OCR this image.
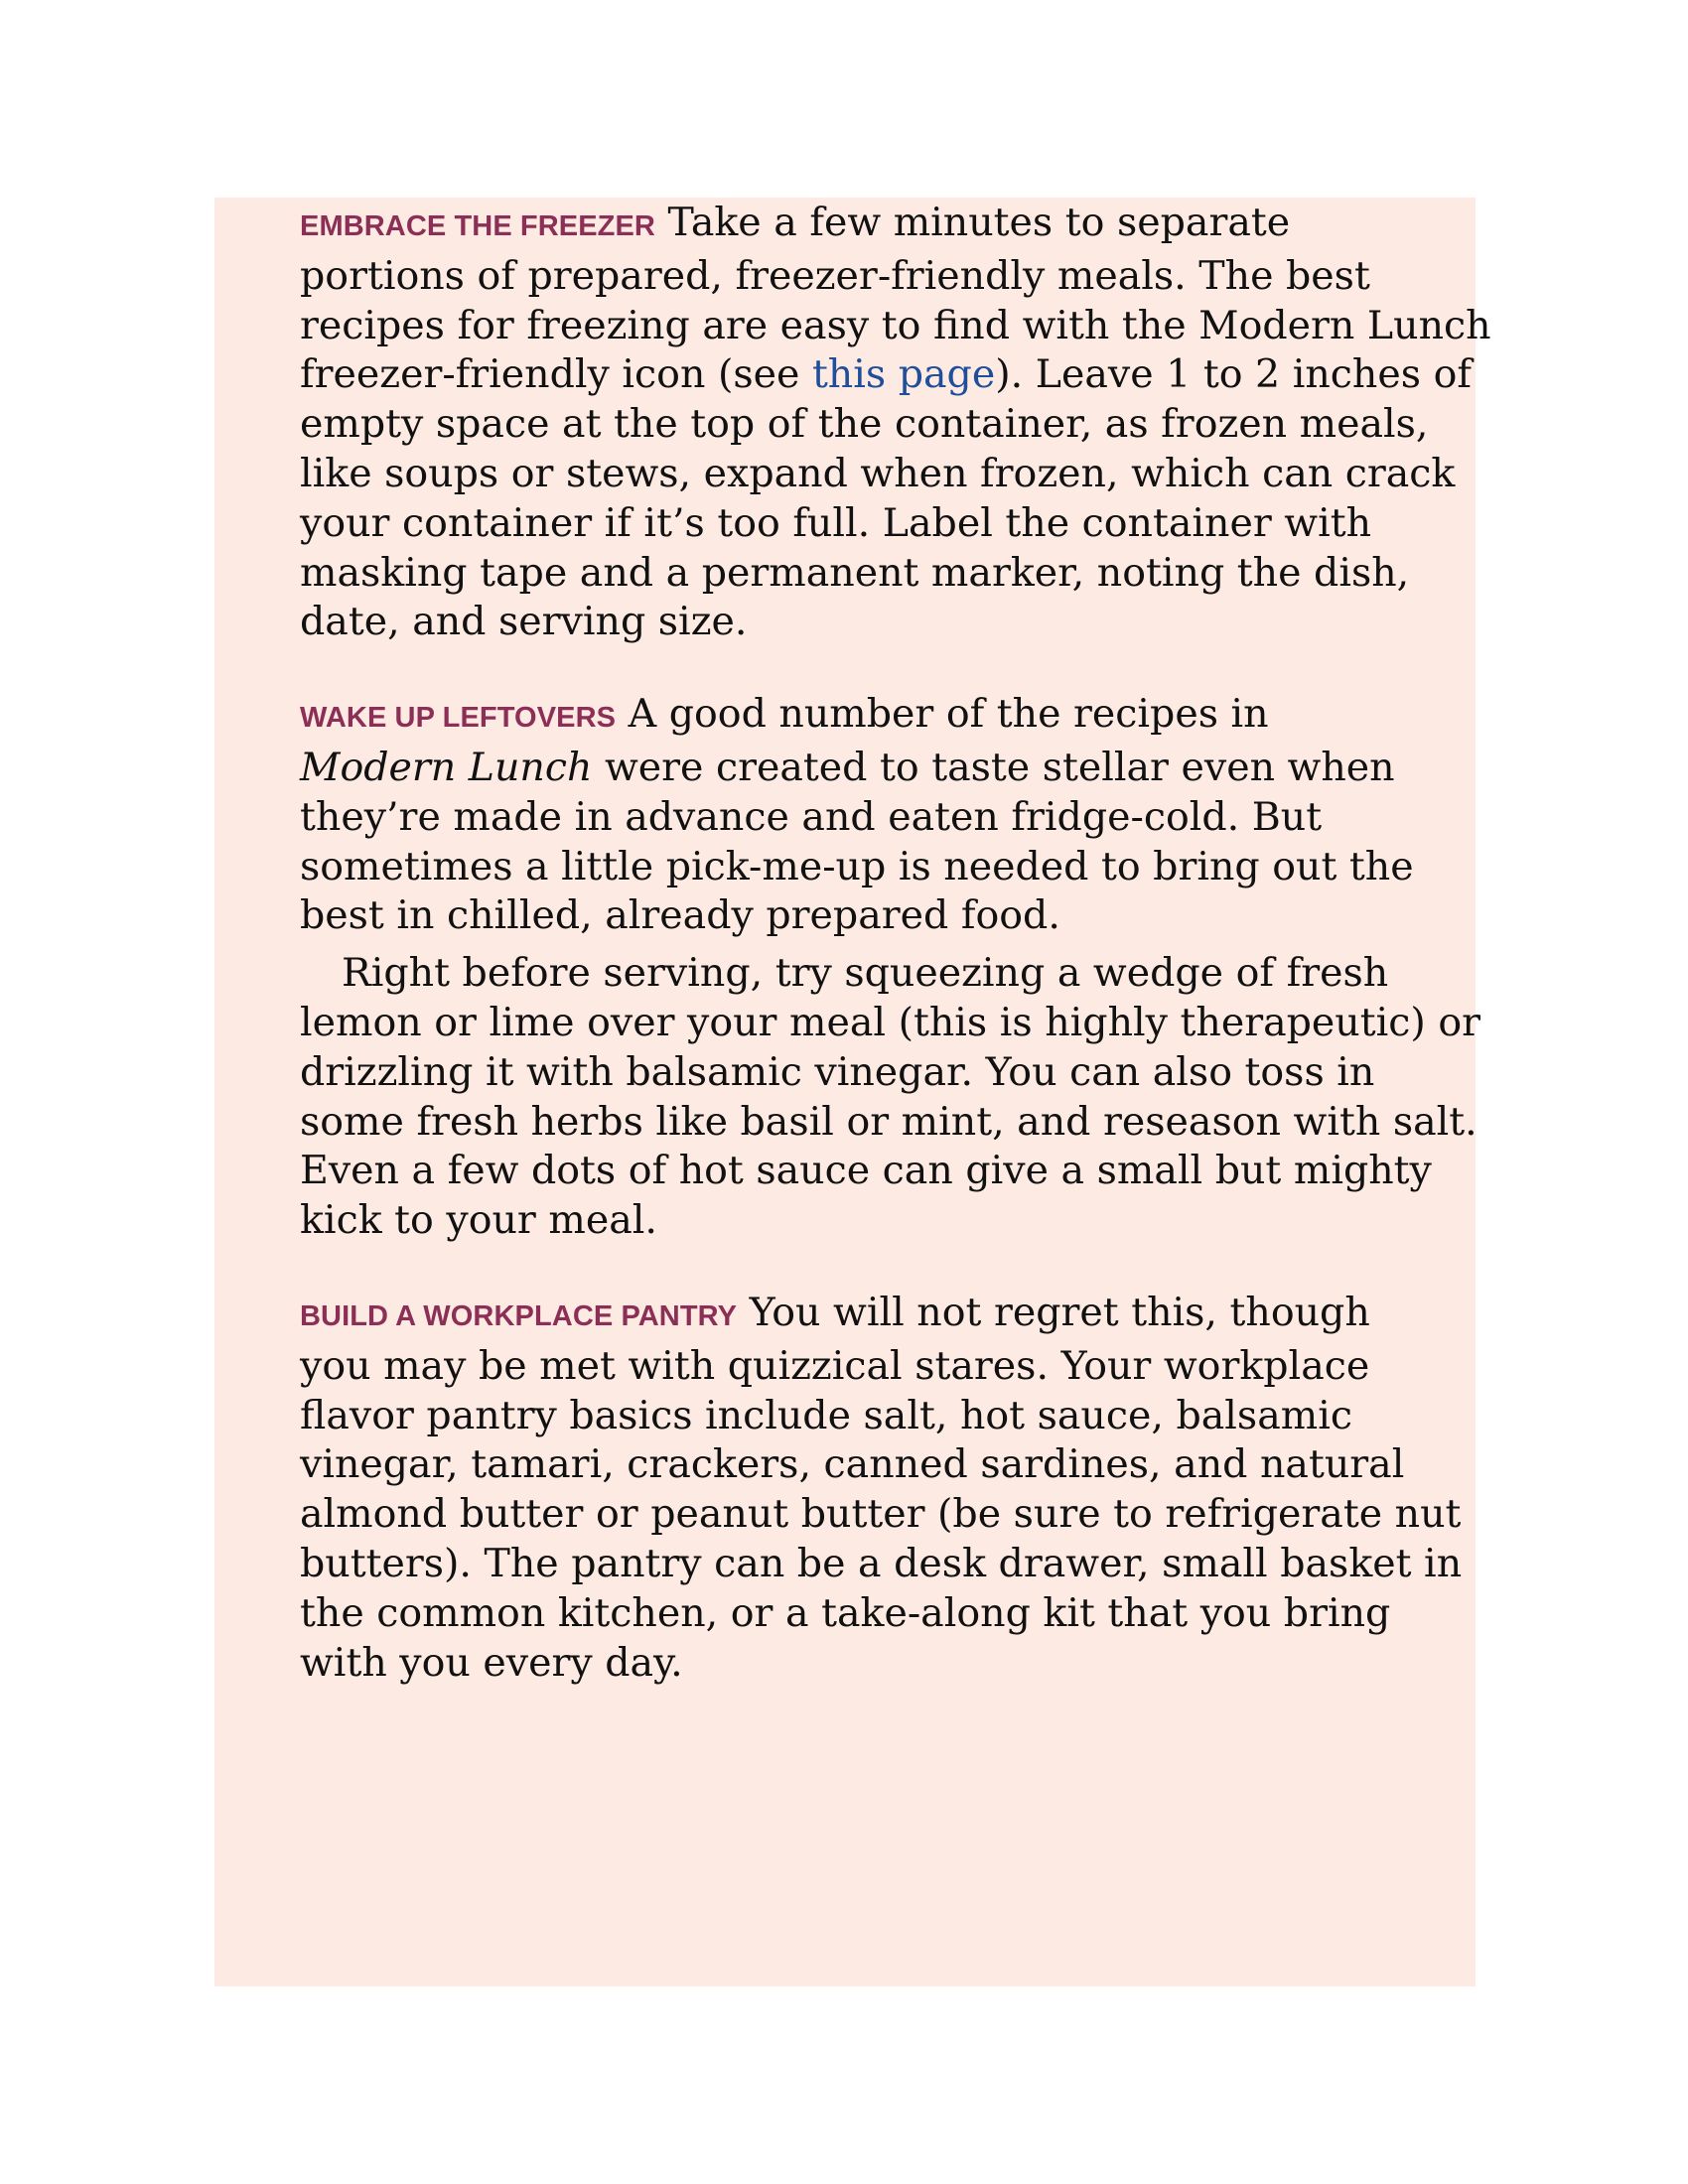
EMBRACE THE FREEZER Take a few minutes to separate
portions of prepared, freezer-friendly meals. The best
recipes for freezing are easy to find with the Modern Lunch
freezer-friendly icon (see this page). Leave 1 to 2 inches of
empty space at the top of the container, as frozen meals,
like soups or stews, expand when frozen, which can crack
your container if it’s too full. Label the container with
masking tape and a permanent marker, noting the dish,
date, and serving size.

WAKE UP LEFTOVERS A good number of the recipes in
Modern Lunch were created to taste stellar even when
they’re made in advance and eaten fridge-cold. But
sometimes a little pick-me-up is needed to bring out the
best in chilled, already prepared food.

Right before serving, try squeezing a wedge of fresh
lemon or lime over your meal (this is highly therapeutic) or
drizzling it with balsamic vinegar. You can also toss in
some fresh herbs like basil or mint, and reseason with salt.
Even a few dots of hot sauce can give a small but mighty
kick to your meal.

BUILD A WORKPLACE PANTRY You will not regret this, though
you may be met with quizzical stares. Your workplace
flavor pantry basics include salt, hot sauce, balsamic
vinegar, tamari, crackers, canned sardines, and natural
almond butter or peanut butter (be sure to refrigerate nut
butters). The pantry can be a desk drawer, small basket in
the common kitchen, or a take-along kit that you bring
with you every day.
